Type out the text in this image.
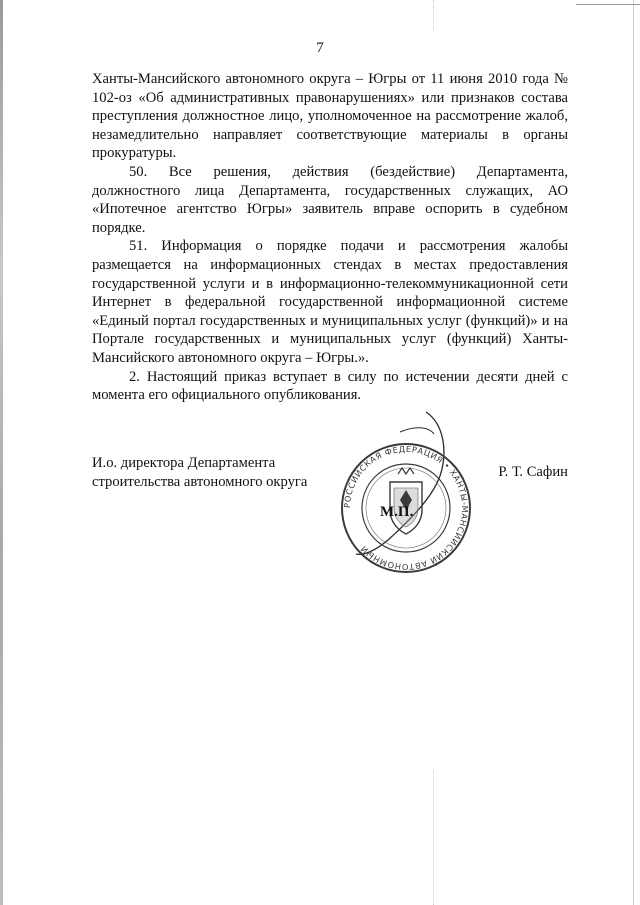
7

Ханты-Мансийского автономного округа – Югры от 11 июня 2010 года № 102-оз «Об административных правонарушениях» или признаков состава преступления должностное лицо, уполномоченное на рассмотрение жалоб, незамедлительно направляет соответствующие материалы в органы прокуратуры.

50. Все решения, действия (бездействие) Департамента, должностного лица Департамента, государственных служащих, АО «Ипотечное агентство Югры» заявитель вправе оспорить в судебном порядке.

51. Информация о порядке подачи и рассмотрения жалобы размещается на информационных стендах в местах предоставления государственной услуги и в информационно-телекоммуникационной сети Интернет в федеральной государственной информационной системе «Единый портал государственных и муниципальных услуг (функций)» и на Портале государственных и муниципальных услуг (функций) Ханты-Мансийского автономного округа – Югры.».

2. Настоящий приказ вступает в силу по истечении десяти дней с момента его официального опубликования.

И.о. директора Департамента
строительства автономного округа
Р. Т. Сафин
РОССИЙСКАЯ ФЕДЕРАЦИЯ • ХАНТЫ-МАНСИЙСКИЙ АВТОНОМНЫЙ
М.П.
